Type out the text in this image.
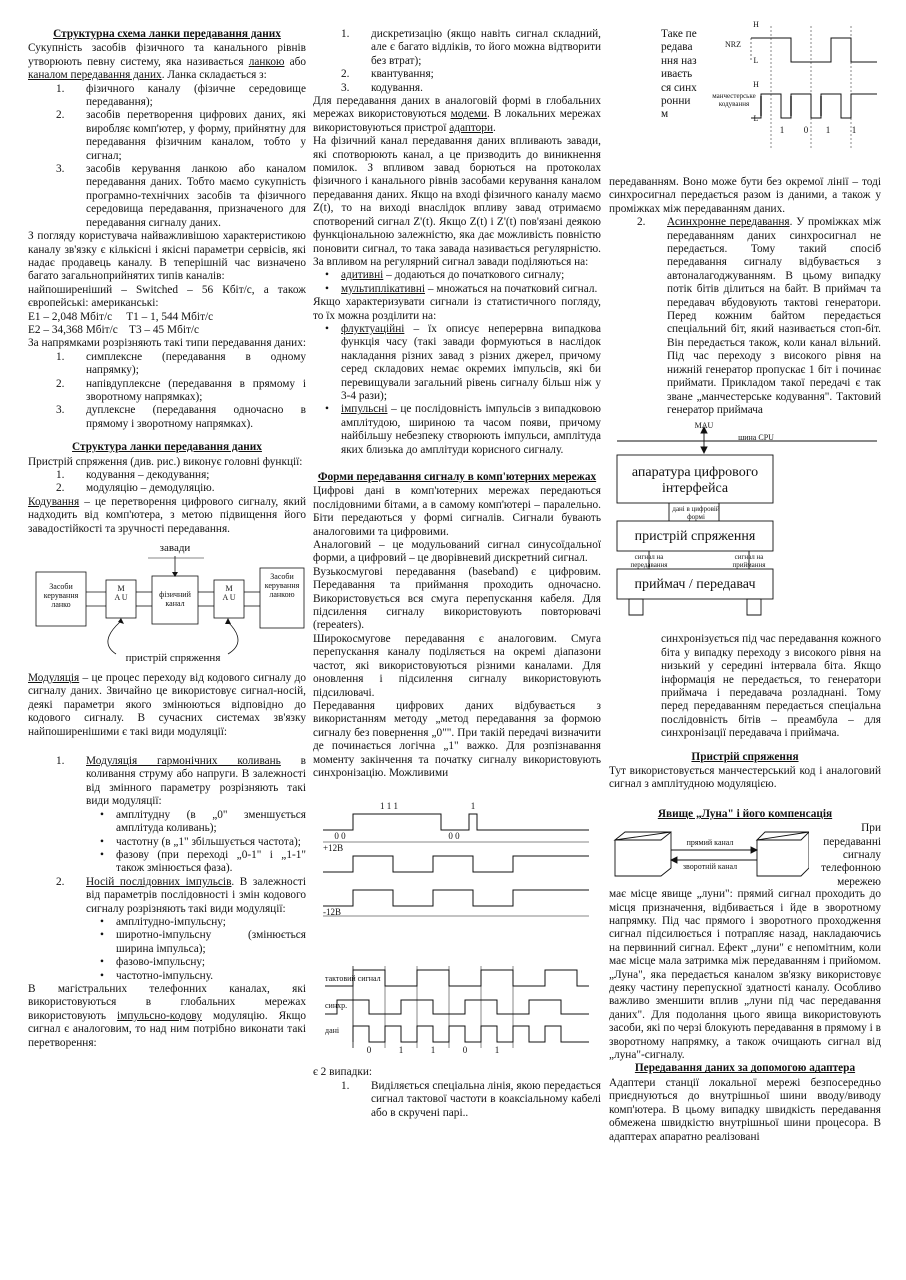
Структурна схема ланки передавання даних

Сукупність засобів фізичного та канального рівнів утворюють певну систему, яка називається ланкою або каналом передавання даних. Ланка складається з:

1. фізичного каналу (фізичне середовище передавання);
2. засобів перетворення цифрових даних, які виробляє комп'ютер, у форму, прийнятну для передавання фізичним каналом, тобто у сигнал;
3. засобів керування ланкою або каналом передавання даних. Тобто маємо сукупність програмно-технічних засобів та фізичного середовища передавання, призначеного для передавання сигналу даних.

З погляду користувача найважливішою характеристикою каналу зв'язку є кількісні і якісні параметри сервісів, які надає продавець каналу. В теперішній час визначено багато загальноприйнятих типів каналів:

найпоширеніший – Switched – 56 Кбіт/с, а також європейські: американські:

E1 – 2,048 Мбіт/с     T1 – 1, 544 Мбіт/с

E2 – 34,368 Мбіт/с    T3 – 45 Мбіт/с

За напрямками розрізняють такі типи передавання даних:

1. симплексне (передавання в одному напрямку);
2. напівдуплексне (передавання в прямому і зворотному напрямках);
3. дуплексне (передавання одночасно в прямому і зворотному напрямках).

Структура ланки передавання даних

Пристрій спряження (див. рис.) виконує головні функції:

1. кодування – декодування;
2. модуляцію – демодуляцію.

Кодування – це перетворення цифрового сигналу, який надходить від комп'ютера, з метою підвищення його завадостійкості та зручності передавання.

завади
Засоби керування ланко
M A U	фізичний канал
M A U
Засоби керування ланкою
пристрій спряження

Модуляція – це процес переходу від кодового сигналу до сигналу даних. Звичайно це використовує сигнал-носій, деякі параметри якого змінюються відповідно до кодового сигналу. В сучасних системах зв'язку найпоширенішими є такі види модуляції:

1. Модуляція гармонічних коливань в коливання струму або напруги. В залежності від змінного параметру розрізняють такі види модуляції:
• амплітудну (в „0" зменшується амплітуда коливань);
• частотну (в „1" збільшується частота);
• фазову (при переході „0-1" і „1-1" також змінюється фаза).
2. Носій послідовних імпульсів. В залежності від параметрів послідовності і змін кодового сигналу розрізняють такі види модуляції:
• амплітудно-імпульсну;
• широтно-імпульсну (змінюється ширина імпульса);
• фазово-імпульсну;
• частотно-імпульсну.

В магістральних телефонних каналах, які використовуються в глобальних мережах використовують імпульсно-кодову модуляцію. Якщо сигнал є аналоговим, то над ним потрібно виконати такі перетворення:

1. дискретизацію (якщо навіть сигнал складний, але є багато відліків, то його можна відтворити без втрат);
2. квантування;
3. кодування.

Для передавання даних в аналоговій формі в глобальних мережах використовуються модеми. В локальних мережах використовуються пристрої адаптори.

На фізичний канал передавання даних впливають завади, які спотворюють канал, а це призводить до виникнення помилок. З впливом завад борються на протоколах фізичного і канального рівнів засобами керування каналом передавання даних. Якщо на вході фізичного каналу маємо Z(t), то на виході внаслідок впливу завад отримаємо спотворений сигнал Z'(t). Якщо Z(t) і Z'(t) пов'язані деякою функціональною залежністю, яка дає можливість повністю поновити сигнал, то така завада називається регулярністю. За впливом на регулярний сигнал завади поділяються на:

• адитивні – додаються до початкового сигналу;
• мультиплікативні – множаться на початковий сигнал.

Якщо характеризувати сигнали із статистичного погляду, то їх можна розділити на:

• флуктуаційні – їх описує неперервна випадкова функція часу (такі завади формуються в наслідок накладання різних завад з різних джерел, причому серед складових немає окремих імпульсів, які би перевищували загальний рівень сигналу більш ніж у 3-4 рази);
• імпульсні – це послідовність імпульсів з випадковою амплітудою, шириною та часом появи, причому найбільшу небезпеку створюють імпульси, амплітуда яких близька до амплітуди корисного сигналу.

Форми передавання сигналу в комп'ютерних мережах

Цифрові дані в комп'ютерних мережах передаються послідовними бітами, а в самому комп'ютері – паралельно. Біти передаються у формі сигналів. Сигнали бувають аналоговими та цифровими.

Аналоговий – це модульований сигнал синусоїдальної форми, а цифровий – це дворівневий дискретний сигнал.

Вузькосмугові передавання (baseband) є цифровим. Передавання та приймання проходить одночасно. Використовується вся смуга перепускання кабеля. Для підсилення сигналу використовують повторювачі (repeaters).

Широкосмугове передавання є аналоговим. Смуга перепускання каналу поділяється на окремі діапазони частот, які використовуються різними каналами. Для оновлення і підсилення сигналу використовують підсилювачі.

Передавання цифрових даних відбувається з використанням методу „метод передавання за формою сигналу без повернення „0"". При такій передачі визначити де починається логічна „1" важко. Для розпізнавання моменту закінчення та початку сигналу використовують синхронізацію. Можливими

1 1 1	1
0 0	0 0
+12B
-12B
тактовий сигнал
синхр.
дані
0	1	1	0	1

є 2 випадки:

1. Виділяється спеціальна лінія, якою передається сигнал тактової частоти в коаксіальному кабелі або в скручені парі..
Таке передавання називається синхронним
H
L
NRZ
H
манчестерське кодування
L
1	0	1	1

передаванням. Воно може бути без окремої лінії – тоді синхросигнал передається разом із даними, а також у проміжках між передаванням даних.

2. Асинхронне передавання. У проміжках між передаванням даних синхросигнал не передається. Тому такий спосіб передавання сигналу відбувається з автоналагоджуванням. В цьому випадку потік бітів ділиться на байт. В приймач та передавач вбудовують тактові генератори. Перед кожним байтом передається спеціальний біт, який називається стоп-біт. Він передається також, коли канал вільний. Під час переходу з високого рівня на нижній генератор пропускає 1 біт і починає приймати. Прикладом такої передачі є так зване „манчестерське кодування". Тактовий генератор приймача
MAU
шина CPU
апаратура цифрового інтерфейса
дані в цифровій формі
пристрій спряження
сигнал на передавання
сигнал на приймання
приймач / передавач

синхронізується під час передавання кожного біта у випадку переходу з високого рівня на низький у середині інтервала біта. Якщо інформація не передається, то генератори приймача і передавача розладнані. Тому перед передаванням передається спеціальна послідовність бітів – преамбула – для синхронізації передавача і приймача.

Пристрій спряження

Тут використовується манчестерський код і аналоговий сигнал з амплітудною модуляцією.

Явище „Луна" і його компенсація

прямий канал
зворотній канал
При передаванні сигналу телефонною мережею

має місце явище „луни": прямий сигнал проходить до місця призначення, відбивається і йде в зворотному напрямку. Під час прямого і зворотного проходження сигнал підсилюється і потрапляє назад, накладаючись на первинний сигнал. Ефект „луни" є непомітним, коли має місце мала затримка між передаванням і прийомом. „Луна", яка передається каналом зв'язку використовує деяку частину перепускної здатності каналу. Особливо важливо зменшити вплив „луни під час передавання даних". Для подолання цього явища використовують засоби, які по черзі блокують передавання в прямому і в зворотному напрямку, а також очищають сигнал від „луна"-сигналу.

Передавання даних за допомогою адаптера

Адаптери станції локальної мережі безпосередньо приєднуються до внутрішньої шини вводу/виводу комп'ютера. В цьому випадку швидкість передавання обмежена швидкістю внутрішньої шини процесора. В адаптерах апаратно реалізовані
